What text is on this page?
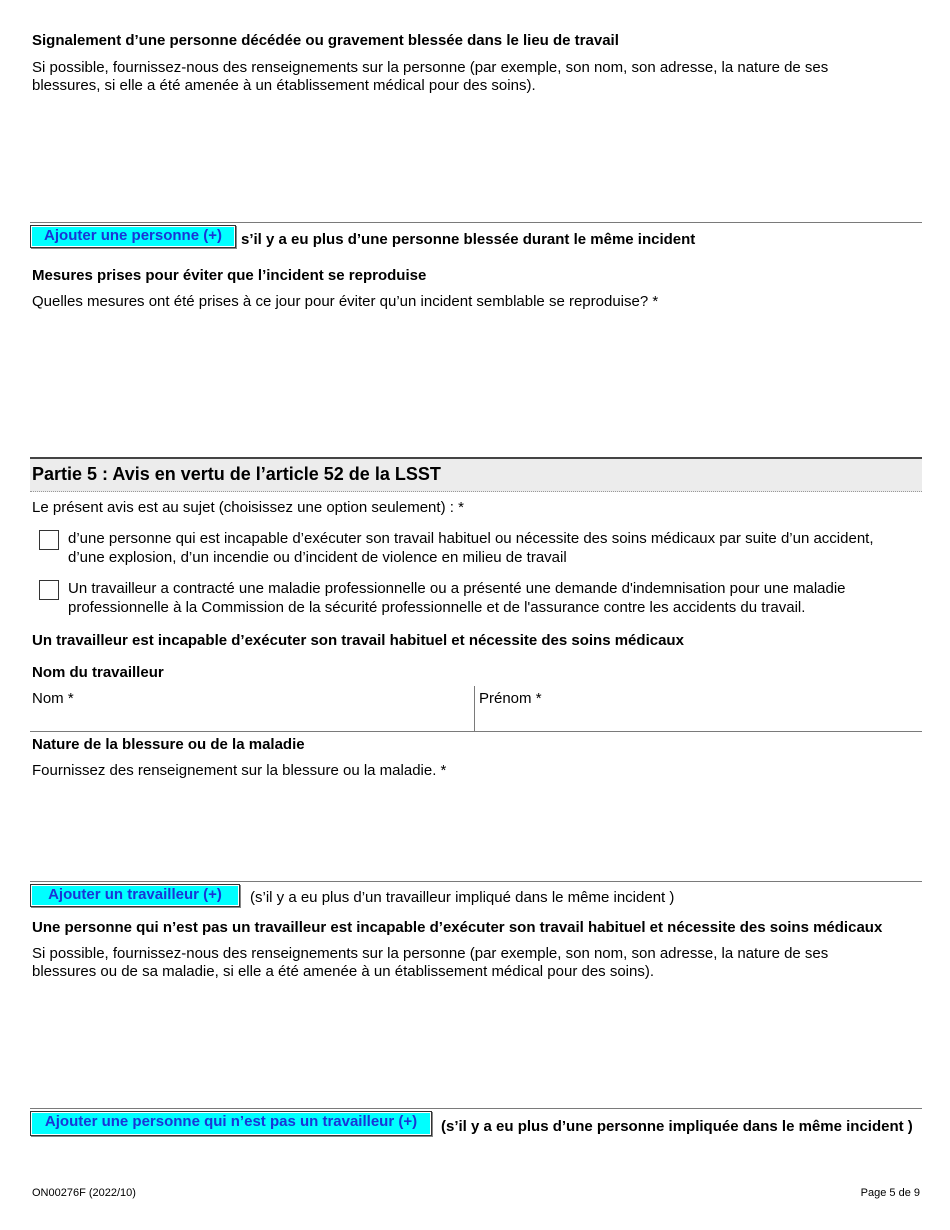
Signalement d’une personne décédée ou gravement blessée dans le lieu de travail
Si possible, fournissez-nous des renseignements sur la personne (par exemple, son nom, son adresse, la nature de ses
blessures, si elle a été amenée à un établissement médical pour des soins).
Ajouter une personne (+)	s’il y a eu plus d’une personne blessée durant le même incident
Mesures prises pour éviter que l’incident se reproduise
Quelles mesures ont été prises à ce jour pour éviter qu’un incident semblable se reproduise? *
Partie 5 : Avis en vertu de l’article 52 de la LSST
Le présent avis est au sujet (choisissez une option seulement) : *
d’une personne qui est incapable d’exécuter son travail habituel ou nécessite des soins médicaux par suite d’un accident,
d’une explosion, d’un incendie ou d’incident de violence en milieu de travail
Un travailleur a contracté une maladie professionnelle ou a présenté une demande d'indemnisation pour une maladie
professionnelle à la Commission de la sécurité professionnelle et de l'assurance contre les accidents du travail.
Un travailleur est incapable d’exécuter son travail habituel et nécessite des soins médicaux
Nom du travailleur
Nom *	Prénom *
Nature de la blessure ou de la maladie
Fournissez des renseignement sur la blessure ou la maladie. *
Ajouter un travailleur (+)	(s’il y a eu plus d’un travailleur impliqué dans le même incident )
Une personne qui n’est pas un travailleur est incapable d’exécuter son travail habituel et nécessite des soins médicaux
Si possible, fournissez-nous des renseignements sur la personne (par exemple, son nom, son adresse, la nature de ses
blessures ou de sa maladie, si elle a été amenée à un établissement médical pour des soins).
Ajouter une personne qui n’est pas un travailleur (+)	(s’il y a eu plus d’une personne impliquée dans le même incident )
ON00276F (2022/10)	Page 5 de 9
